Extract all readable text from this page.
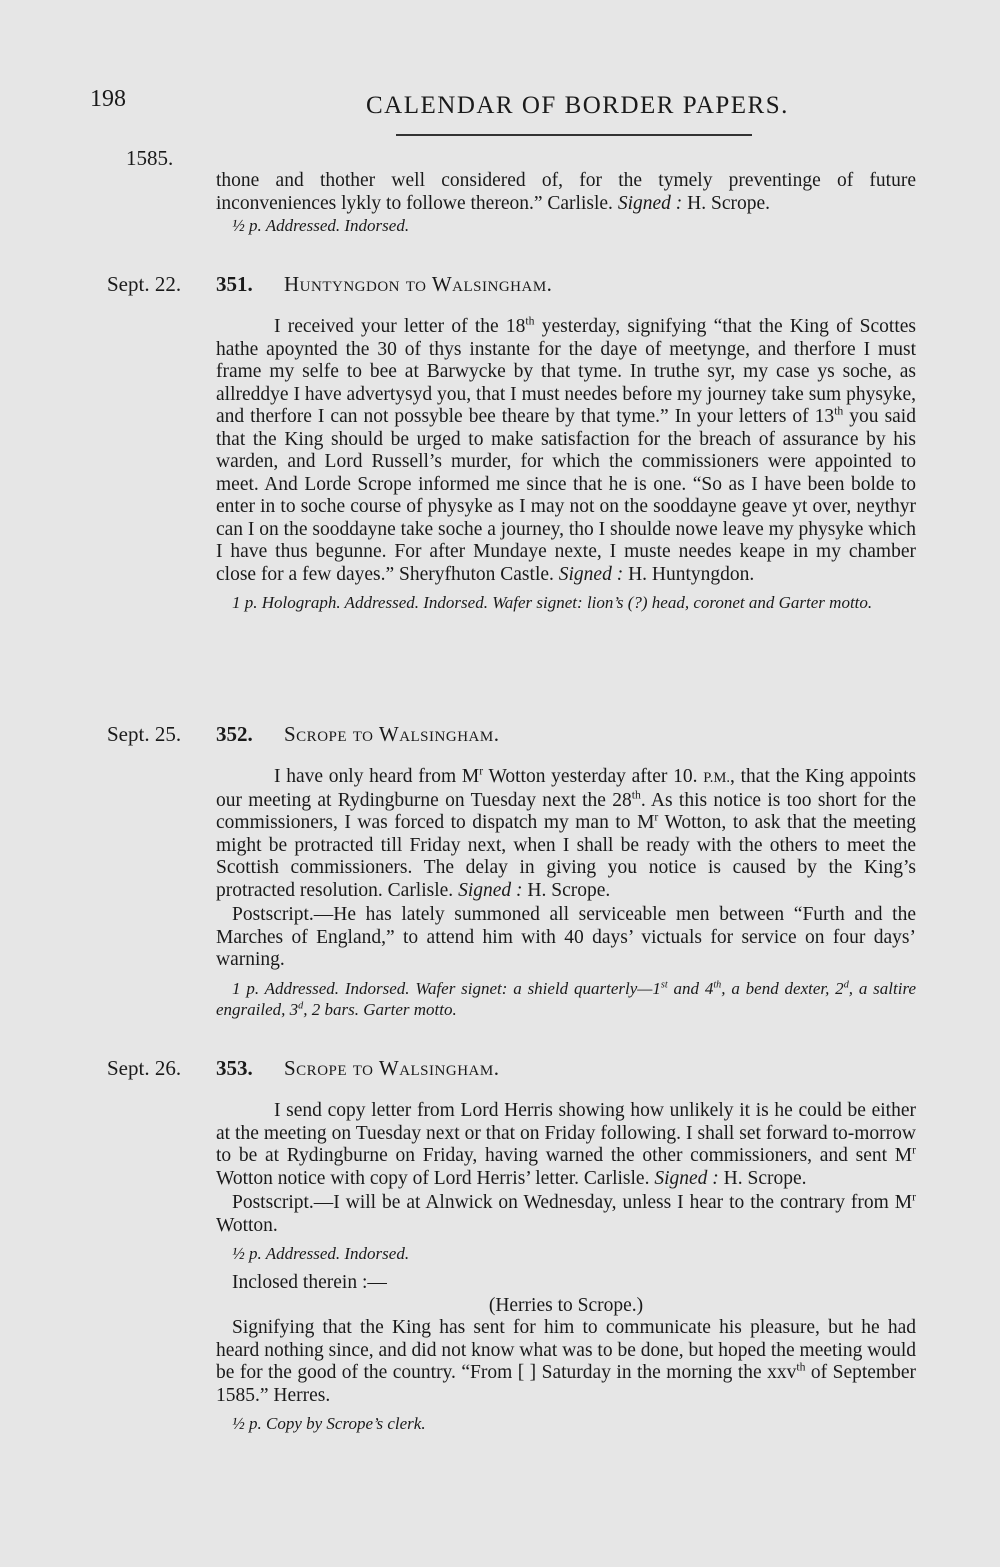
198	CALENDAR OF BORDER PAPERS.
1585.

thone and thother well considered of, for the tymely preventinge of future inconveniences lykly to followe thereon.” Carlisle. Signed : H. Scrope.

½ p. Addressed. Indorsed.

Sept. 22. 351. Huntyngdon to Walsingham.

I received your letter of the 18th yesterday, signifying “that the King of Scottes hathe apoynted the 30 of thys instante for the daye of meetynge, and therfore I must frame my selfe to bee at Barwycke by that tyme. In truthe syr, my case ys soche, as allreddye I have advertysyd you, that I must needes before my journey take sum physyke, and therfore I can not possyble bee theare by that tyme.” In your letters of 13th you said that the King should be urged to make satisfaction for the breach of assurance by his warden, and Lord Russell’s murder, for which the commissioners were appointed to meet. And Lorde Scrope informed me since that he is one. “So as I have been bolde to enter in to soche course of physyke as I may not on the sooddayne geave yt over, neythyr can I on the sooddayne take soche a journey, tho I shoulde nowe leave my physyke which I have thus begunne. For after Mundaye nexte, I muste needes keape in my chamber close for a few dayes.” Sheryfhuton Castle. Signed : H. Huntyngdon.

1 p. Holograph. Addressed. Indorsed. Wafer signet: lion’s (?) head, coronet and Garter motto.

Sept. 25. 352. Scrope to Walsingham.

I have only heard from $M^r$ Wotton yesterday after 10. P.M., that the King appoints our meeting at Rydingburne on Tuesday next the 28th. As this notice is too short for the commissioners, I was forced to dispatch my man to $M^r$ Wotton, to ask that the meeting might be protracted till Friday next, when I shall be ready with the others to meet the Scottish commissioners. The delay in giving you notice is caused by the King’s protracted resolution. Carlisle. Signed : H. Scrope.

Postscript.—He has lately summoned all serviceable men between “Furth and the Marches of England,” to attend him with 40 days’ victuals for service on four days’ warning.

1 p. Addressed. Indorsed. Wafer signet: a shield quarterly—1st and 4th, a bend dexter, 2$^d$, a saltire engrailed, 3$^d$, 2 bars. Garter motto.

Sept. 26. 353. Scrope to Walsingham.

I send copy letter from Lord Herris showing how unlikely it is he could be either at the meeting on Tuesday next or that on Friday following. I shall set forward to-morrow to be at Rydingburne on Friday, having warned the other commissioners, and sent $M^r$ Wotton notice with copy of Lord Herris’ letter. Carlisle. Signed : H. Scrope.

Postscript.—I will be at Alnwick on Wednesday, unless I hear to the contrary from $M^r$ Wotton.

½ p. Addressed. Indorsed.

Inclosed therein :—

(Herries to Scrope.)

Signifying that the King has sent for him to communicate his pleasure, but he had heard nothing since, and did not know what was to be done, but hoped the meeting would be for the good of the country. “From [ ] Saturday in the morning the xxv$^{th}$ of September 1585.” Herres.

½ p. Copy by Scrope’s clerk.
